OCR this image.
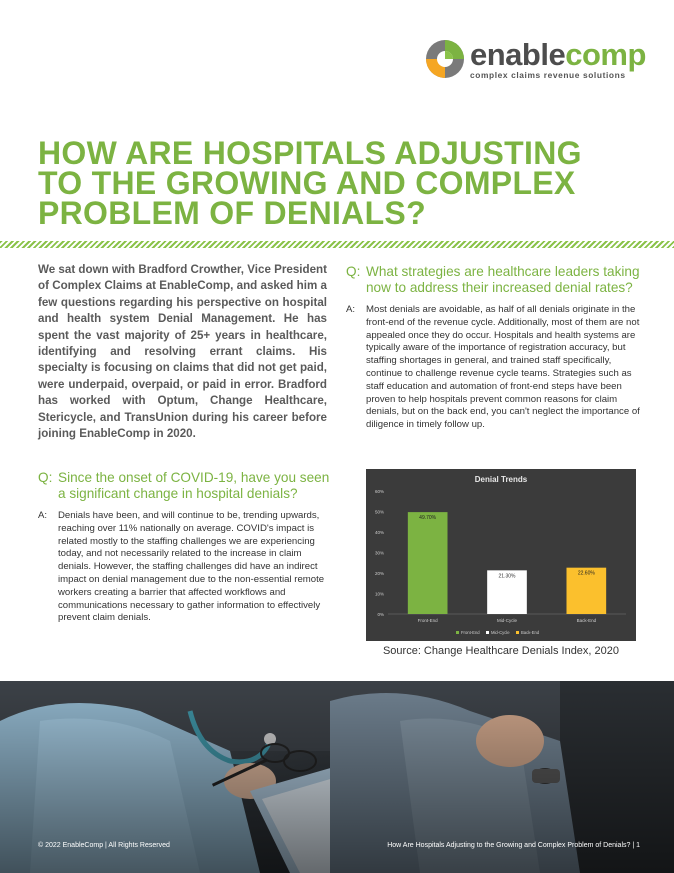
enablecomp
complex claims revenue solutions
HOW ARE HOSPITALS ADJUSTING
TO THE GROWING AND COMPLEX
PROBLEM OF DENIALS?

We sat down with Bradford Crowther, Vice President of Complex Claims at EnableComp, and asked him a few questions regarding his perspective on hospital and health system Denial Management. He has spent the vast majority of 25+ years in healthcare, identifying and resolving errant claims. His specialty is focusing on claims that did not get paid, were underpaid, overpaid, or paid in error. Bradford has worked with Optum, Change Healthcare, Stericycle, and TransUnion during his career before joining EnableComp in 2020.

Q: Since the onset of COVID-19, have you seen a significant change in hospital denials?
A: Denials have been, and will continue to be, trending upwards, reaching over 11% nationally on average. COVID's impact is related mostly to the staffing challenges we are experiencing today, and not necessarily related to the increase in claim denials. However, the staffing challenges did have an indirect impact on denial management due to the non-essential remote workers creating a barrier that affected workflows and communications necessary to gather information to effectively prevent claim denials.
Q: What strategies are healthcare leaders taking now to address their increased denial rates?
A: Most denials are avoidable, as half of all denials originate in the front-end of the revenue cycle. Additionally, most of them are not appealed once they do occur. Hospitals and health systems are typically aware of the importance of registration accuracy, but staffing shortages in general, and trained staff specifically, continue to challenge revenue cycle teams. Strategies such as staff education and automation of front-end steps have been proven to help hospitals prevent common reasons for claim denials, but on the back end, you can't neglect the importance of diligence in timely follow up.
Denial Trends
0%
10%
20%
30%
40%
50%
60%
49.70%
Front-End
21.30%
Mid-Cycle
22.60%
Back-End
Front-End	Mid-Cycle	Back-End
Source: Change Healthcare Denials Index, 2020
© 2022 EnableComp | All Rights Reserved	How Are Hospitals Adjusting to the Growing and Complex Problem of Denials? | 1
